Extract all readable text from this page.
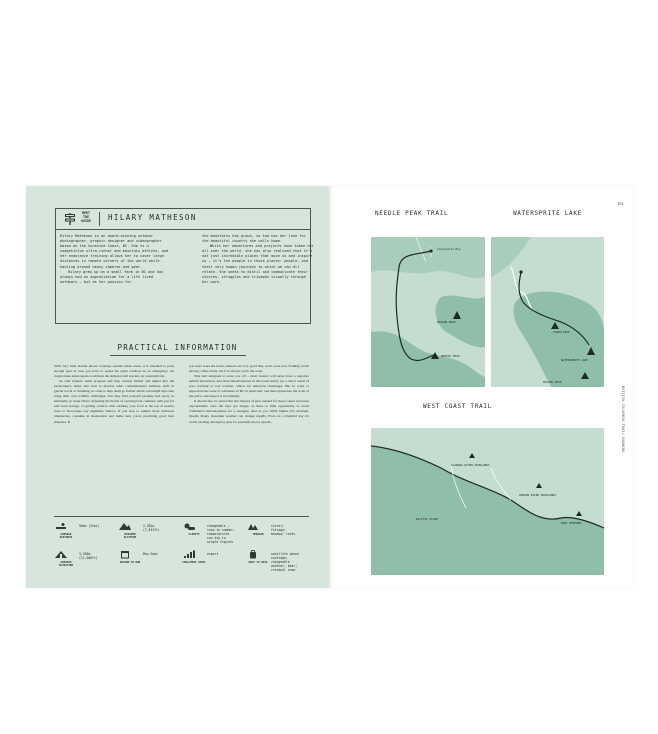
MEET
THE
GUIDE	HILARY MATHESON

Hilary Matheson is an award-winning outdoor photographer, graphic designer and videographer based on the Sunshine Coast, BC. She is a competitive ultra-runner and mountain athlete, and her endurance training allows her to cover large distances in remote corners of the world while hauling around heavy cameras and gear.

Hilary grew up on a small farm in BC and has always had an appreciation for a life lived outdoors – but as her passion for

the mountains has grown, so too has her love for the beautiful country she calls home.

While her adventures and projects have taken her all over the world, she has also realized that it's not just incredible places that move us and inspire us – it's the people in those places: people, and their very human journeys to which we can all relate. She seeks to distil and communicate their stories, struggles and triumphs visually through her work.

PRACTICAL INFORMATION

With very little mobile phone coverage outside urban areas, it is essential to pack enough gear in case you have to spend the night outdoors in an emergency. An inopportune ankle sprain could turn the simplest trail run into an overnight trip.

As trail runners' skills progress and they venture further and higher into the backcountry, many also start to develop other complementary skillsets, such as glacier travel or abseiling, in order to help them go further afield. Overnight trips also bring their own wildlife challenges. You may find yourself packing bear spray as habitually as water filters, defeating the merits of carrying bear canisters with you for safe food storage, or getting creative with stashing your food at the top of nearby trees to discourage any nighttime visitors. If you stop to sample those delicious blueberries, consume in moderation and make sure you're practising good bear etiquette. If

you don't scare the bears, chances are very good they won't scare you. Nothing worth having comes easily, but it is always worth the work.

This isn't designed to scare you off – most visitors will never have a negative animal interaction, and most misadventures in the backcountry are a direct result of poor packing or bad weather, which are universal challenges. But in order to appreciate the scale of adventure in BC in particular, one must appreciate the scale of the place, and respect it accordingly.

It should also be noted that the amount of gear needed for these routes increases exponentially once the trips get longer, as there is little opportunity to reach civilization mid-adventure for a resupply. And as you climb higher (for example, Needle Peak), mountain weather can change rapidly. Even on a bluebird day it's worth packing emergency gear for potential snowy squalls.

AVERAGE DISTANCE
50km (31mi)
MAXIMUM ALTITUDE
2,381m (7,812ft)
CLIMATE
changeable – snow in summer, temperatures can dip to single figures
TERRAIN
forest; foliage; meadow; rocks
AVERAGE ELEVATION
3,556m (11,666ft)
SEASON TO RUN
May-Sept
CHALLENGE LEVEL
expert
WHAT TO PACK
satellite phone coverage; changeable weather; bear; residual snow
151
NEEDLE PEAK TRAIL	WATERSPRITE LAKE
Coquihalla Hwy
MAGGON PEAK
NEEDLE PEAK
CUNOM PEAK
WATERSPRITE LAKE
MASTER PEAK
WEST COAST TRAIL
KLANAWA RIVER WOODLANDS
GORDON RIVER WOODLANDS
PACIFIC OCEAN
PORT RENFREW
BRITISH COLUMBIA TRAIL RUNNING
